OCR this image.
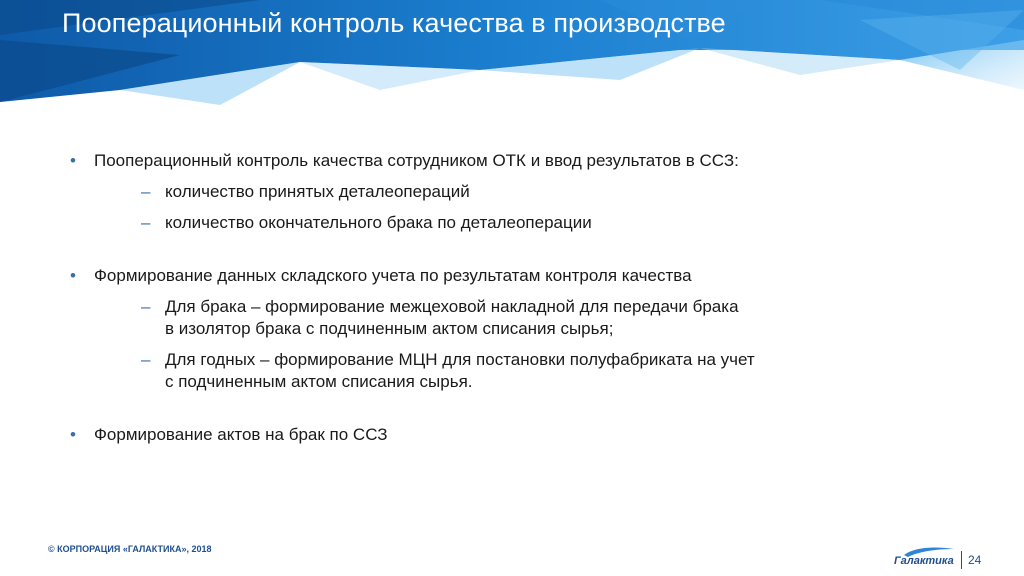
Пооперационный контроль качества в производстве
• Пооперационный контроль качества сотрудником ОТК и ввод результатов в ССЗ:
– количество принятых деталеопераций
– количество окончательного брака по деталеоперации
• Формирование данных складского учета по результатам контроля качества
– Для брака – формирование межцеховой накладной для передачи брака
в изолятор брака с подчиненным актом списания сырья;
– Для годных – формирование МЦН для постановки полуфабриката на учет
с подчиненным актом списания сырья.
• Формирование актов на брак по ССЗ
© КОРПОРАЦИЯ «ГАЛАКТИКА», 2018
Галактика 24
